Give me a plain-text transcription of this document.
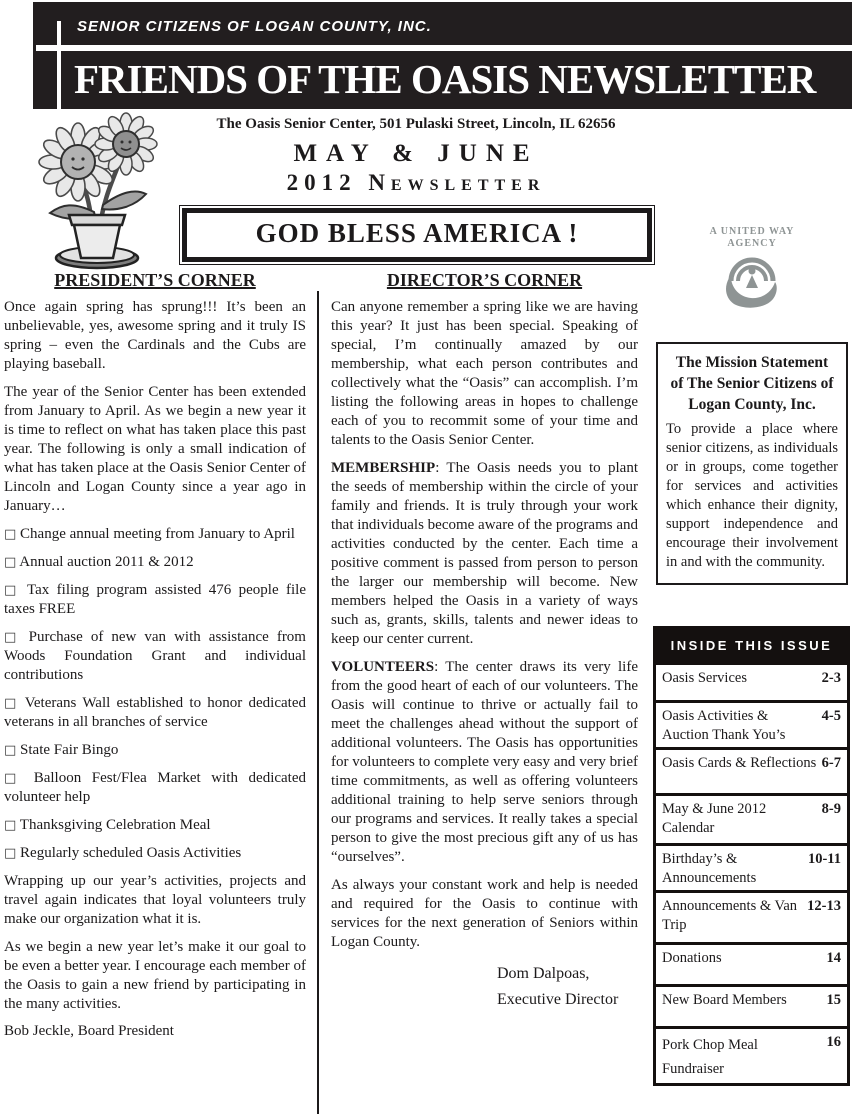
SENIOR CITIZENS OF LOGAN COUNTY, INC.
FRIENDS OF THE OASIS NEWSLETTER
The Oasis Senior Center, 501 Pulaski Street, Lincoln, IL 62656
MAY & JUNE
2012 Newsletter
GOD BLESS AMERICA !	A UNITED WAY
AGENCY
PRESIDENT’S CORNER

Once again spring has sprung!!! It’s been an unbelievable, yes, awesome spring and it truly IS spring – even the Cardinals and the Cubs are playing baseball.

The year of the Senior Center has been extended from January to April. As we begin a new year it is time to reflect on what has taken place this past year. The following is only a small indication of what has taken place at the Oasis Senior Center of Lincoln and Logan County since a year ago in January…

□ Change annual meeting from January to April

□ Annual auction 2011 & 2012

□ Tax filing program assisted 476 people file taxes FREE

□ Purchase of new van with assistance from Woods Foundation Grant and individual contributions

□ Veterans Wall established to honor dedicated veterans in all branches of service

□ State Fair Bingo

□ Balloon Fest/Flea Market with dedicated volunteer help

□ Thanksgiving Celebration Meal

□ Regularly scheduled Oasis Activities

Wrapping up our year’s activities, projects and travel again indicates that loyal volunteers truly make our organization what it is.

As we begin a new year let’s make it our goal to be even a better year. I encourage each member of the Oasis to gain a new friend by participating in the many activities.

Bob Jeckle, Board President

DIRECTOR’S CORNER

Can anyone remember a spring like we are having this year? It just has been special. Speaking of special, I’m continually amazed by our membership, what each person contributes and collectively what the “Oasis” can accomplish. I’m listing the following areas in hopes to challenge each of you to recommit some of your time and talents to the Oasis Senior Center.

MEMBERSHIP: The Oasis needs you to plant the seeds of membership within the circle of your family and friends. It is truly through your work that individuals become aware of the programs and activities conducted by the center. Each time a positive comment is passed from person to person the larger our membership will become. New members helped the Oasis in a variety of ways such as, grants, skills, talents and newer ideas to keep our center current.

VOLUNTEERS: The center draws its very life from the good heart of each of our volunteers. The Oasis will continue to thrive or actually fail to meet the challenges ahead without the support of additional volunteers. The Oasis has opportunities for volunteers to complete very easy and very brief time commitments, as well as offering volunteers additional training to help serve seniors through our programs and services. It really takes a special person to give the most precious gift any of us has “ourselves”.

As always your constant work and help is needed and required for the Oasis to continue with services for the next generation of Seniors within Logan County.

Dom Dalpoas,
Executive Director
The Mission Statement
of The Senior Citizens of
Logan County, Inc.
To provide a place where senior citizens, as individuals or in groups, come together for services and activities which enhance their dignity, support independence and encourage their involvement in and with the community.
INSIDE THIS ISSUE
Oasis Services	2-3
Oasis Activities & Auction Thank You’s
4-5
Oasis Cards & Reflections 6-7
May & June 2012 Calendar
8-9
Birthday’s & Announcements
10-11
Announcements & Van Trip
12-13
Donations	14
New Board Members	15
Pork Chop Meal Fundraiser
16
